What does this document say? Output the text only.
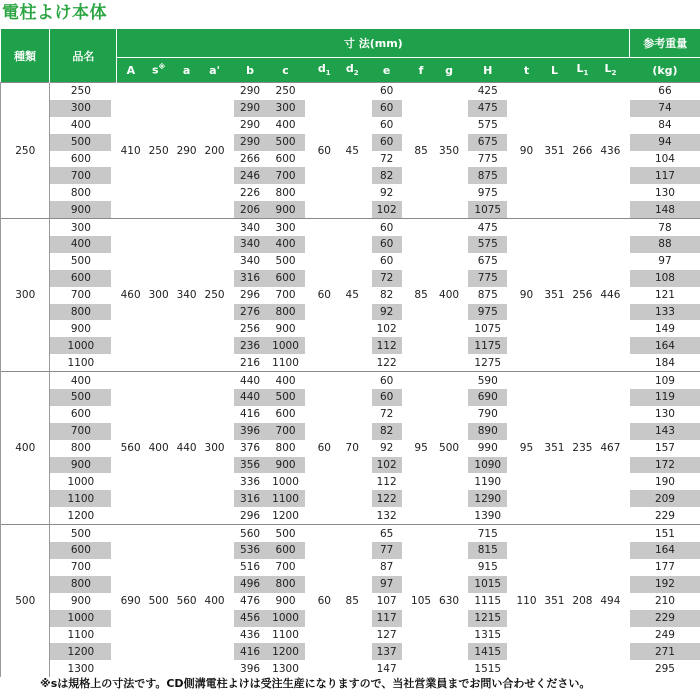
電柱よけ本体
種類	品名		寸 法(mm)																							参考重量
			A	s※	a	a'		b	c		$d_1$	$d_2$		e		f	g		H		t	L	$L_1$	$L_2$		(kg)
250	250		410	250	290	200		290	250		60	45		60		85	350		425		90	351	266	436		66
	300							290	300					60					475							74
	400							290	400					60					575							84
	500							290	500					60					675							94
	600							266	600					72					775							104
	700							246	700					82					875							117
	800							226	800					92					975							130
	900							206	900					102					1075							148
300	300		460	300	340	250		340	300		60	45		60		85	400		475		90	351	256	446		78
	400							340	400					60					575							88
	500							340	500					60					675							97
	600							316	600					72					775							108
	700							296	700					82					875							121
	800							276	800					92					975							133
	900							256	900					102					1075							149
	1000							236	1000					112					1175							164
	1100							216	1100					122					1275							184
400	400		560	400	440	300		440	400		60	70		60		95	500		590		95	351	235	467		109
	500							440	500					60					690							119
	600							416	600					72					790							130
	700							396	700					82					890							143
	800							376	800					92					990							157
	900							356	900					102					1090							172
	1000							336	1000					112					1190							190
	1100							316	1100					122					1290							209
	1200							296	1200					132					1390							229
500	500		690	500	560	400		560	500		60	85		65		105	630		715		110	351	208	494		151
	600							536	600					77					815							164
	700							516	700					87					915							177
	800							496	800					97					1015							192
	900							476	900					107					1115							210
	1000							456	1000					117					1215							229
	1100							436	1100					127					1315							249
	1200							416	1200					137					1415							271
	1300							396	1300					147					1515							295
※sは規格上の寸法です。CD側溝電柱よけは受注生産になりますので、当社営業員までお問い合わせください。
